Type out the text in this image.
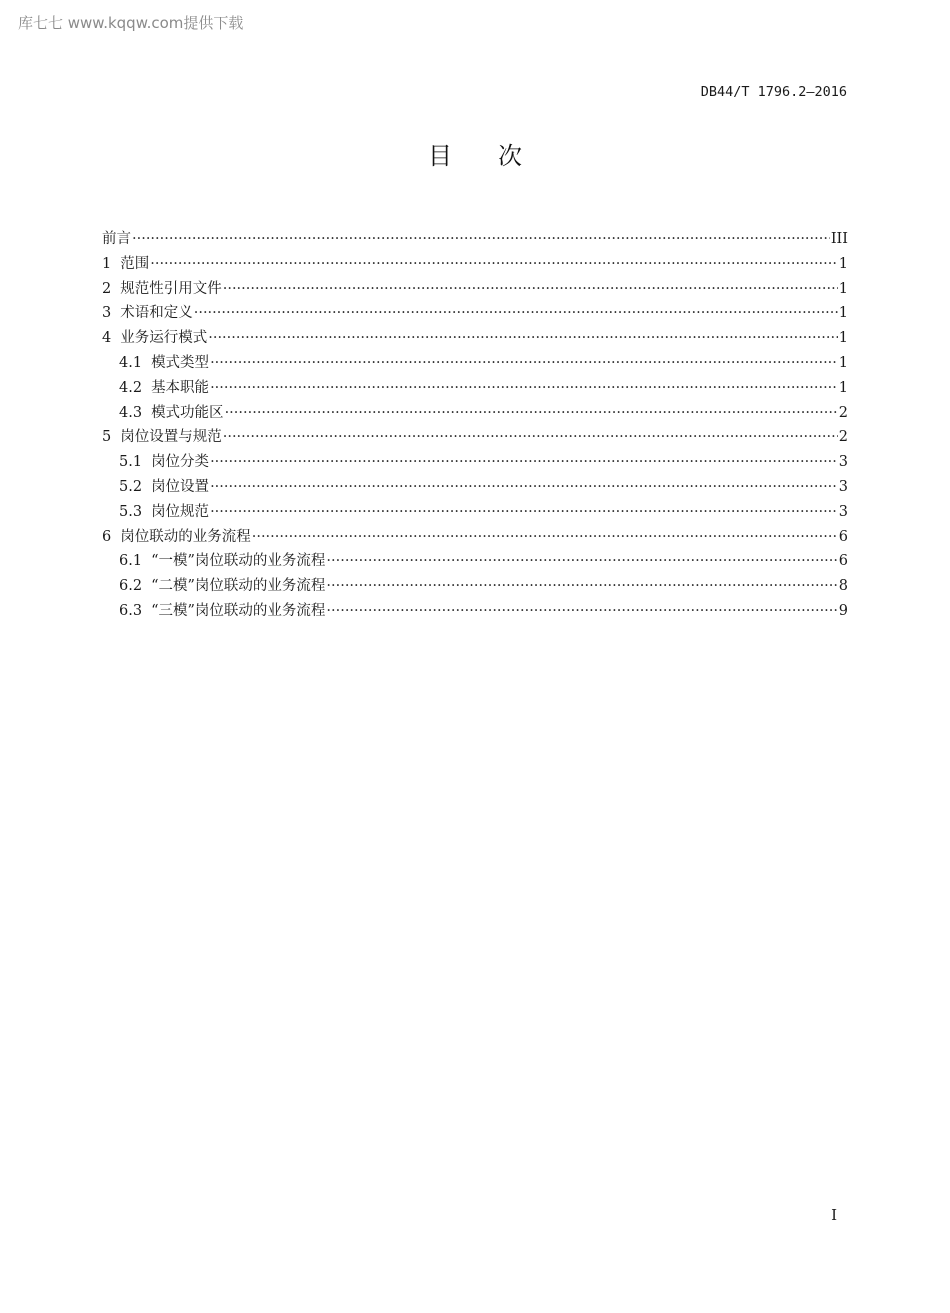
库七七 www.kqqw.com提供下载
DB44/T 1796.2—2016
目次
前言 ·····	III
1 范围 ·····	1
2 规范性引用文件 ·····	1
3 术语和定义 ·····	1
4 业务运行模式 ·····	1
4.1 模式类型 ·····	1
4.2 基本职能 ·····	1
4.3 模式功能区 ·····	2
5 岗位设置与规范 ·····	2
5.1 岗位分类 ·····	3
5.2 岗位设置 ·····	3
5.3 岗位规范 ·····	3
6 岗位联动的业务流程 ·····	6
6.1 “一模”岗位联动的业务流程 ·····	6
6.2 “二模”岗位联动的业务流程 ·····	8
6.3 “三模”岗位联动的业务流程 ·····	9
I
